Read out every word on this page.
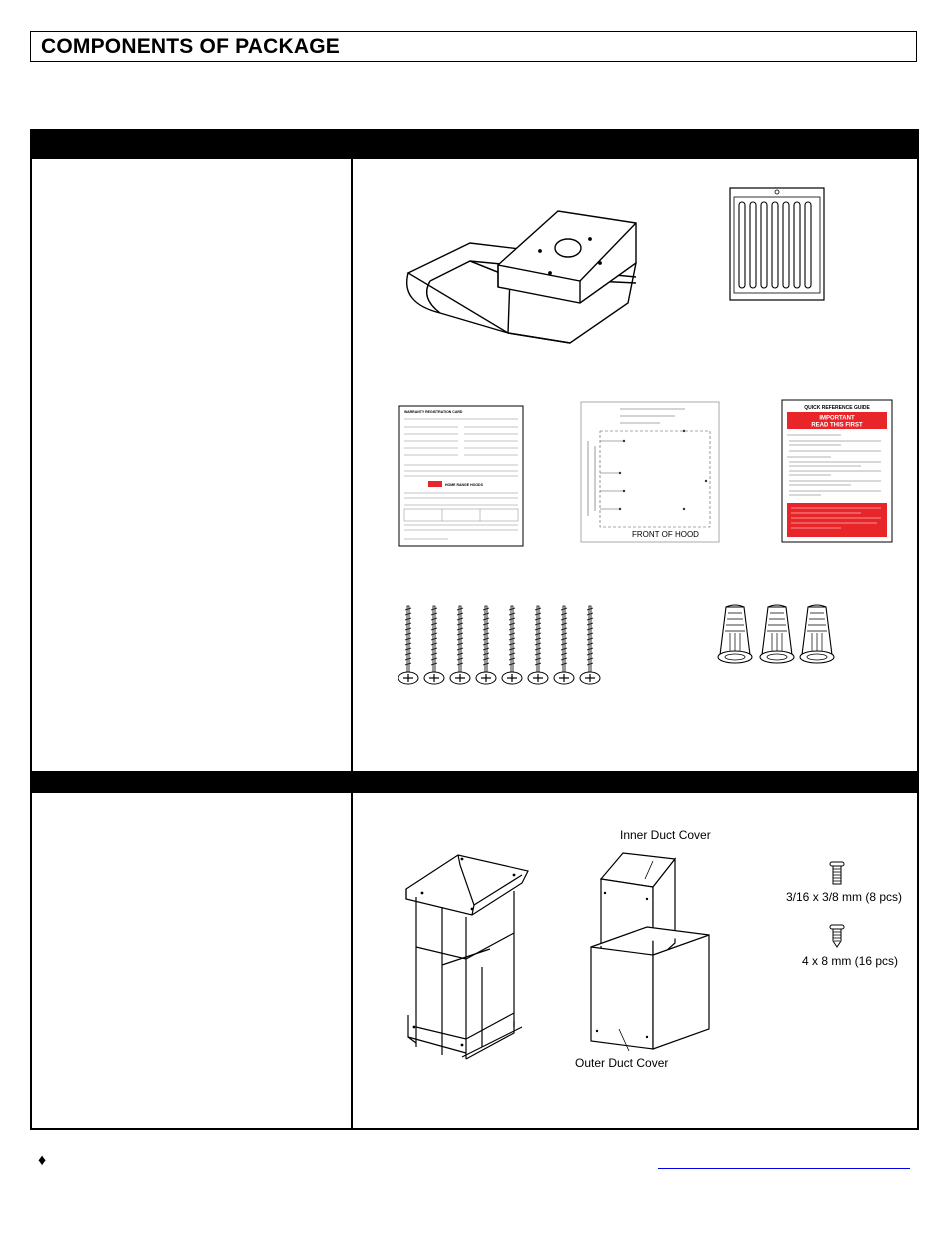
COMPONENTS OF PACKAGE
WARRANTY REGISTRATION CARD
HOME RANGE HOODS
FRONT OF HOOD
QUICK REFERENCE GUIDE
IMPORTANT
READ THIS FIRST
Inner Duct Cover
Outer Duct Cover
3/16 x 3/8 mm (8 pcs)
4 x 8 mm (16 pcs)
♦
